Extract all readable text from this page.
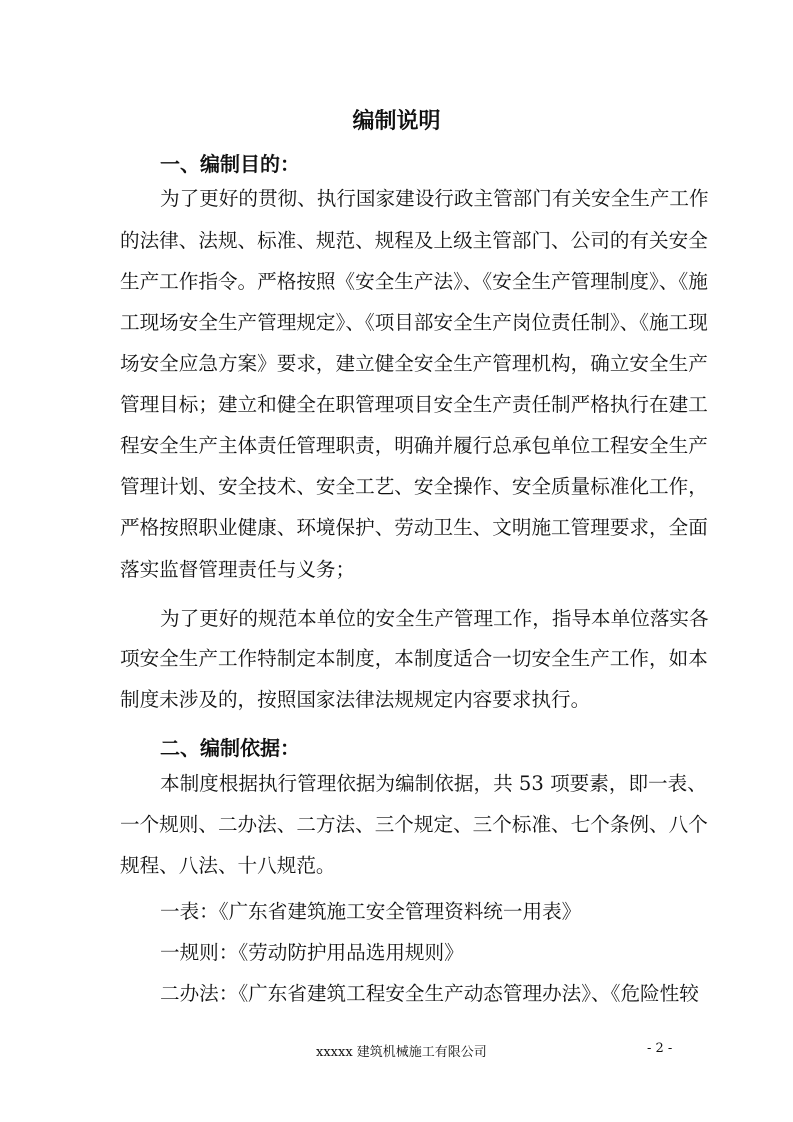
编制说明
一、编制目的：
为了更好的贯彻、执行国家建设行政主管部门有关安全生产工作
的法律、法规、标准、规范、规程及上级主管部门、公司的有关安全
生产工作指令。严格按照《安全生产法》、《安全生产管理制度》、《施
工现场安全生产管理规定》、《项目部安全生产岗位责任制》、《施工现
场安全应急方案》要求，建立健全安全生产管理机构，确立安全生产
管理目标；建立和健全在职管理项目安全生产责任制严格执行在建工
程安全生产主体责任管理职责，明确并履行总承包单位工程安全生产
管理计划、安全技术、安全工艺、安全操作、安全质量标准化工作，
严格按照职业健康、环境保护、劳动卫生、文明施工管理要求，全面
落实监督管理责任与义务；
为了更好的规范本单位的安全生产管理工作，指导本单位落实各
项安全生产工作特制定本制度，本制度适合一切安全生产工作，如本
制度未涉及的，按照国家法律法规规定内容要求执行。
二、编制依据：
本制度根据执行管理依据为编制依据，共 53 项要素，即一表、
一个规则、二办法、二方法、三个规定、三个标准、七个条例、八个
规程、八法、十八规范。
一表：《广东省建筑施工安全管理资料统一用表》
一规则：《劳动防护用品选用规则》
二办法：《广东省建筑工程安全生产动态管理办法》、《危险性较
xxxxx 建筑机械施工有限公司	- 2 -
